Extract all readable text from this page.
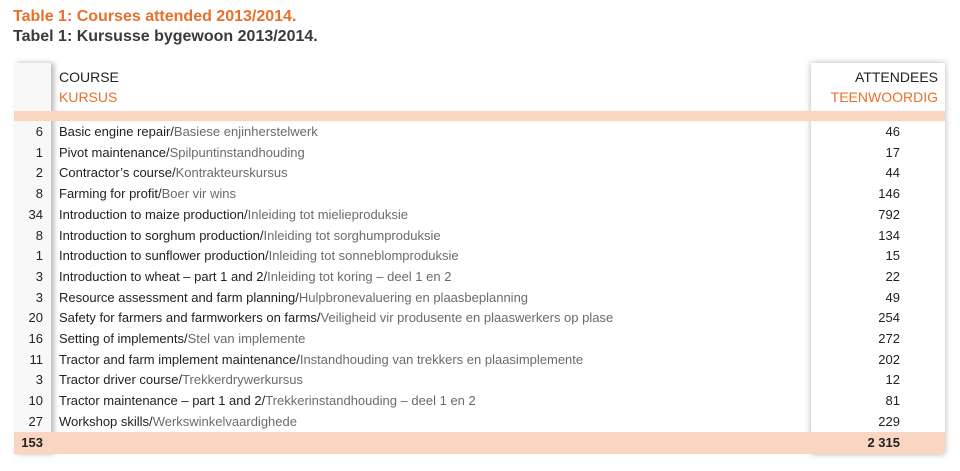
Table 1: Courses attended 2013/2014.
Tabel 1: Kursusse bygewoon 2013/2014.
COURSE
KURSUS
ATTENDEES
TEENWOORDIG
6 Basic engine repair/Basiese enjinherstelwerk	46
1 Pivot maintenance/Spilpuntinstandhouding	17
2 Contractor’s course/Kontrakteurskursus	44
8 Farming for profit/Boer vir wins	146
34 Introduction to maize production/Inleiding tot mielieproduksie	792
8 Introduction to sorghum production/Inleiding tot sorghumproduksie	134
1 Introduction to sunflower production/Inleiding tot sonneblomproduksie	15
3 Introduction to wheat – part 1 and 2/Inleiding tot koring – deel 1 en 2	22
3 Resource assessment and farm planning/Hulpbronevaluering en plaasbeplanning	49
20 Safety for farmers and farmworkers on farms/Veiligheid vir produsente en plaaswerkers op plase	254
16 Setting of implements/Stel van implemente	272
11 Tractor and farm implement maintenance/Instandhouding van trekkers en plaasimplemente	202
3 Tractor driver course/Trekkerdrywerkursus	12
10 Tractor maintenance – part 1 and 2/Trekkerinstandhouding – deel 1 en 2	81
27 Workshop skills/Werkswinkelvaardighede	229
153	2 315
